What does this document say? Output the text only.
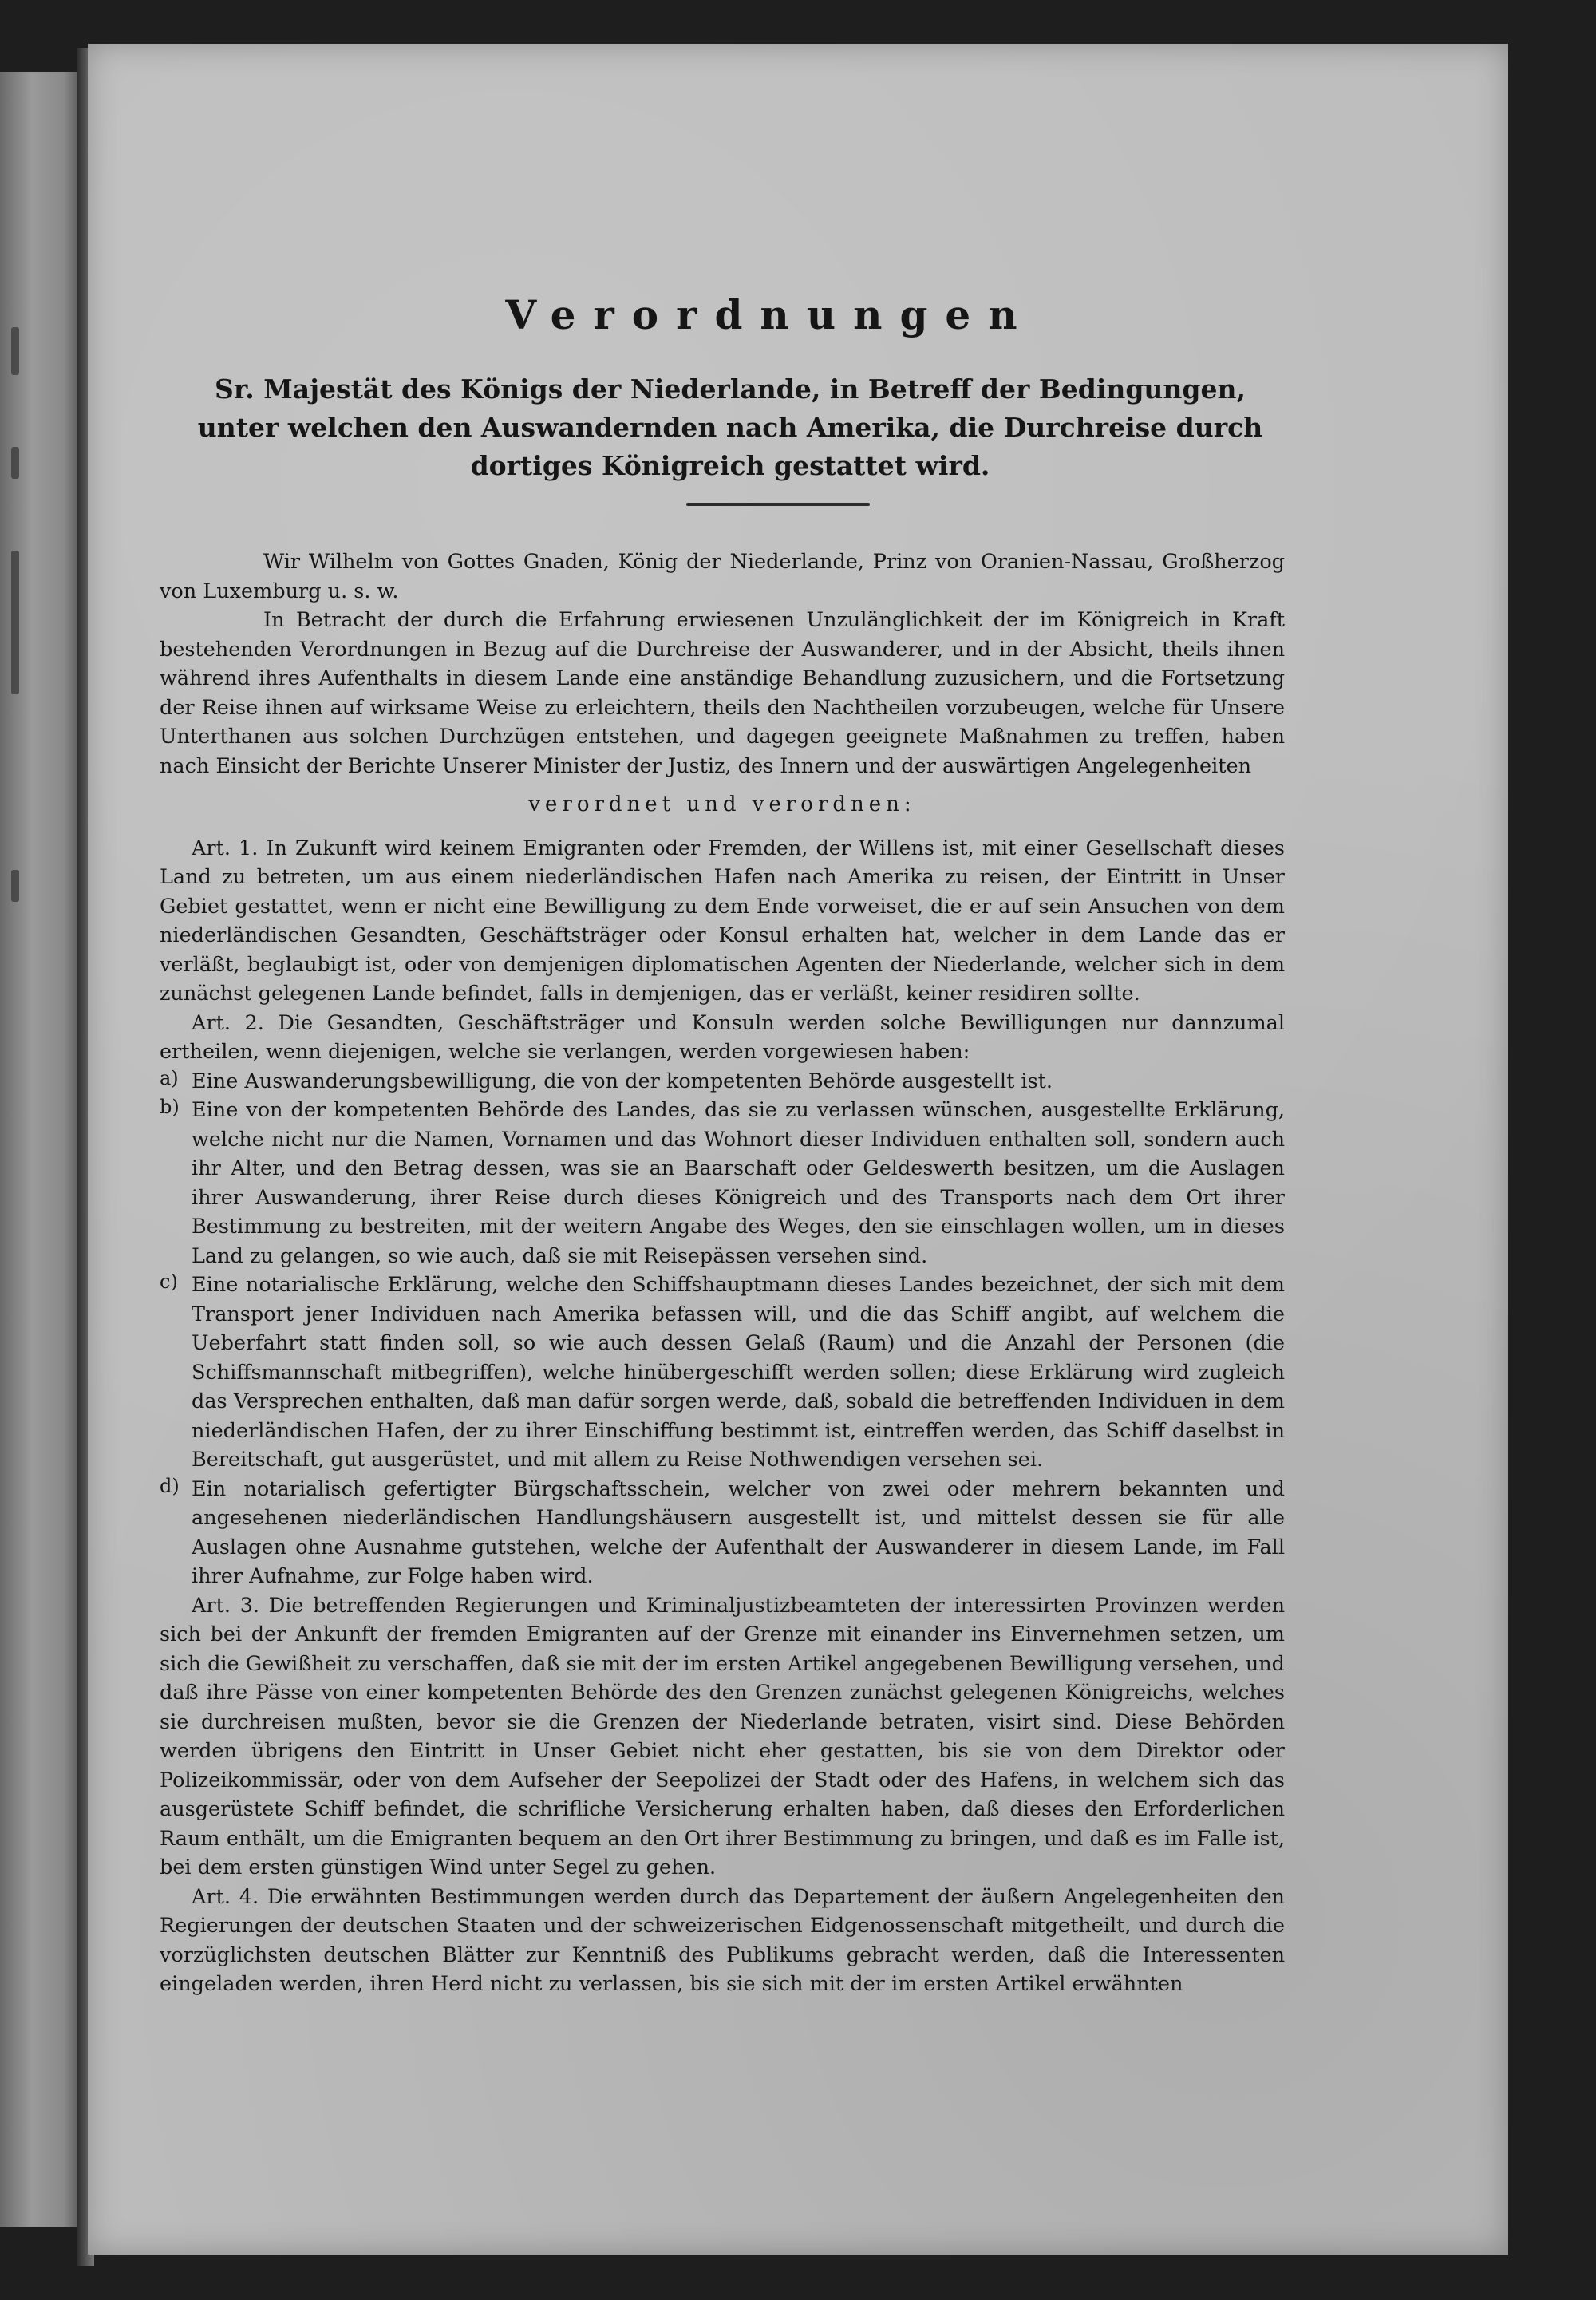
Verordnungen

Sr. Majestät des Königs der Niederlande, in Betreff der Bedingungen, unter welchen den Auswandernden nach Amerika, die Durchreise durch dortiges Königreich gestattet wird.

Wir Wilhelm von Gottes Gnaden, König der Niederlande, Prinz von Oranien-Nassau, Großherzog von Luxemburg u. s. w.

In Betracht der durch die Erfahrung erwiesenen Unzulänglichkeit der im Königreich in Kraft bestehenden Verordnungen in Bezug auf die Durchreise der Auswanderer, und in der Absicht, theils ihnen während ihres Aufenthalts in diesem Lande eine anständige Behandlung zuzusichern, und die Fortsetzung der Reise ihnen auf wirksame Weise zu erleichtern, theils den Nachtheilen vorzubeugen, welche für Unsere Unterthanen aus solchen Durchzügen entstehen, und dagegen geeignete Maßnahmen zu treffen, haben nach Einsicht der Berichte Unserer Minister der Justiz, des Innern und der auswärtigen Angelegenheiten

verordnet und verordnen:

Art. 1. In Zukunft wird keinem Emigranten oder Fremden, der Willens ist, mit einer Gesellschaft dieses Land zu betreten, um aus einem niederländischen Hafen nach Amerika zu reisen, der Eintritt in Unser Gebiet gestattet, wenn er nicht eine Bewilligung zu dem Ende vorweiset, die er auf sein Ansuchen von dem niederländischen Gesandten, Geschäftsträger oder Konsul erhalten hat, welcher in dem Lande das er verläßt, beglaubigt ist, oder von demjenigen diplomatischen Agenten der Niederlande, welcher sich in dem zunächst gelegenen Lande befindet, falls in demjenigen, das er verläßt, keiner residiren sollte.

Art. 2. Die Gesandten, Geschäftsträger und Konsuln werden solche Bewilligungen nur dannzumal ertheilen, wenn diejenigen, welche sie verlangen, werden vorgewiesen haben:

a) Eine Auswanderungsbewilligung, die von der kompetenten Behörde ausgestellt ist.

b) Eine von der kompetenten Behörde des Landes, das sie zu verlassen wünschen, ausgestellte Erklärung, welche nicht nur die Namen, Vornamen und das Wohnort dieser Individuen enthalten soll, sondern auch ihr Alter, und den Betrag dessen, was sie an Baarschaft oder Geldeswerth besitzen, um die Auslagen ihrer Auswanderung, ihrer Reise durch dieses Königreich und des Transports nach dem Ort ihrer Bestimmung zu bestreiten, mit der weitern Angabe des Weges, den sie einschlagen wollen, um in dieses Land zu gelangen, so wie auch, daß sie mit Reisepässen versehen sind.

c) Eine notarialische Erklärung, welche den Schiffshauptmann dieses Landes bezeichnet, der sich mit dem Transport jener Individuen nach Amerika befassen will, und die das Schiff angibt, auf welchem die Ueberfahrt statt finden soll, so wie auch dessen Gelaß (Raum) und die Anzahl der Personen (die Schiffsmannschaft mitbegriffen), welche hinübergeschifft werden sollen; diese Erklärung wird zugleich das Versprechen enthalten, daß man dafür sorgen werde, daß, sobald die betreffenden Individuen in dem niederländischen Hafen, der zu ihrer Einschiffung bestimmt ist, eintreffen werden, das Schiff daselbst in Bereitschaft, gut ausgerüstet, und mit allem zu Reise Nothwendigen versehen sei.

d) Ein notarialisch gefertigter Bürgschaftsschein, welcher von zwei oder mehrern bekannten und angesehenen niederländischen Handlungshäusern ausgestellt ist, und mittelst dessen sie für alle Auslagen ohne Ausnahme gutstehen, welche der Aufenthalt der Auswanderer in diesem Lande, im Fall ihrer Aufnahme, zur Folge haben wird.

Art. 3. Die betreffenden Regierungen und Kriminaljustizbeamteten der interessirten Provinzen werden sich bei der Ankunft der fremden Emigranten auf der Grenze mit einander ins Einvernehmen setzen, um sich die Gewißheit zu verschaffen, daß sie mit der im ersten Artikel angegebenen Bewilligung versehen, und daß ihre Pässe von einer kompetenten Behörde des den Grenzen zunächst gelegenen Königreichs, welches sie durchreisen mußten, bevor sie die Grenzen der Niederlande betraten, visirt sind. Diese Behörden werden übrigens den Eintritt in Unser Gebiet nicht eher gestatten, bis sie von dem Direktor oder Polizeikommissär, oder von dem Aufseher der Seepolizei der Stadt oder des Hafens, in welchem sich das ausgerüstete Schiff befindet, die schrifliche Versicherung erhalten haben, daß dieses den Erforderlichen Raum enthält, um die Emigranten bequem an den Ort ihrer Bestimmung zu bringen, und daß es im Falle ist, bei dem ersten günstigen Wind unter Segel zu gehen.

Art. 4. Die erwähnten Bestimmungen werden durch das Departement der äußern Angelegenheiten den Regierungen der deutschen Staaten und der schweizerischen Eidgenossenschaft mitgetheilt, und durch die vorzüglichsten deutschen Blätter zur Kenntniß des Publikums gebracht werden, daß die Interessenten eingeladen werden, ihren Herd nicht zu verlassen, bis sie sich mit der im ersten Artikel erwähnten
